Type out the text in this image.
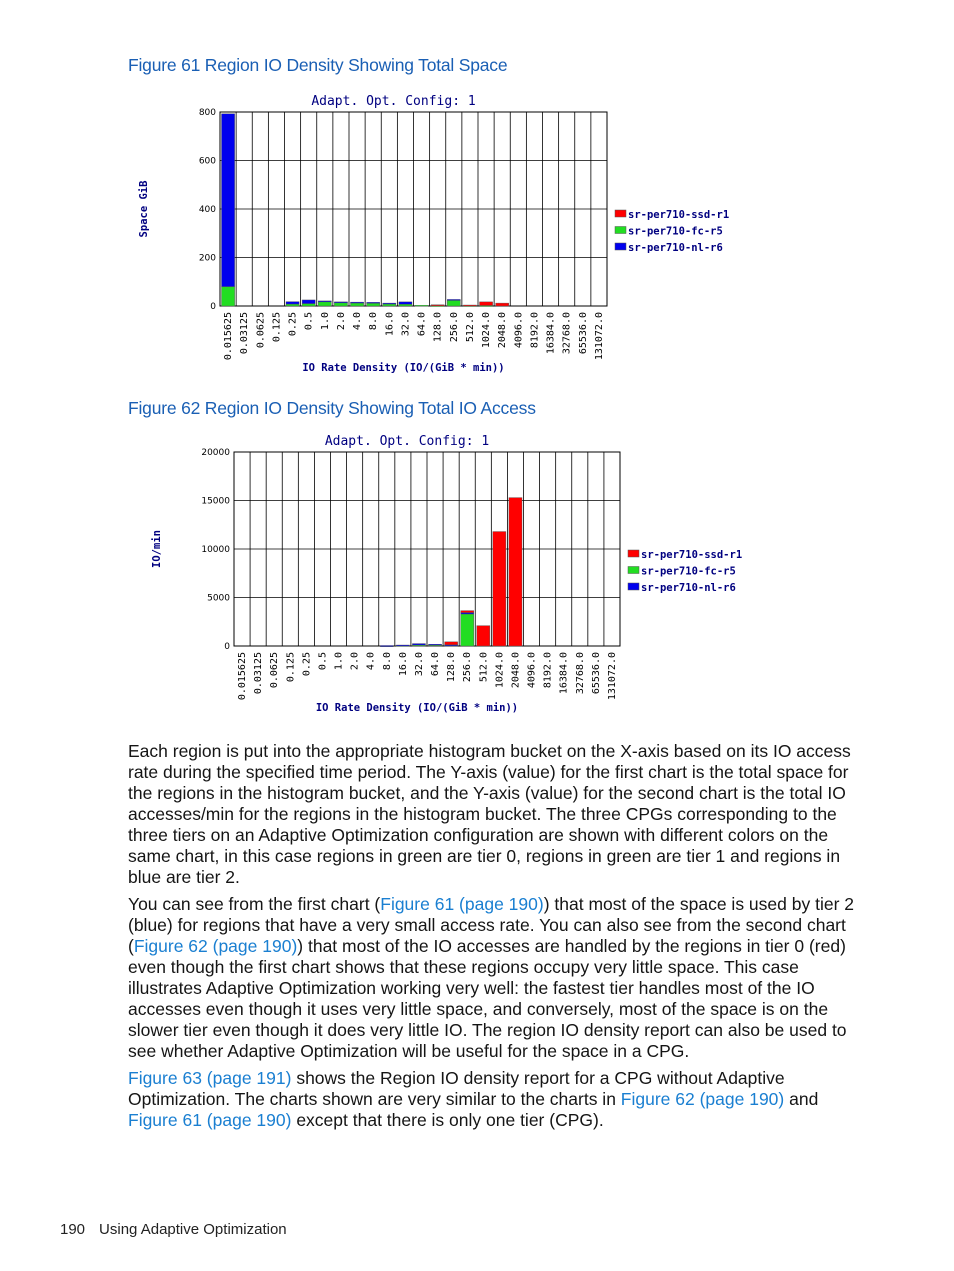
Figure 61 Region IO Density Showing Total Space
Adapt. Opt. Config: 1
0
200
400
600
800
0.015625 0.03125 0.0625 0.125 0.25 0.5 1.0 2.0 4.0 8.0 16.0 32.0 64.0 128.0 256.0 512.0 1024.0 2048.0 4096.0 8192.0 16384.0 32768.0 65536.0 131072.0
IO Rate Density (IO/(GiB * min))
Space GiB	sr-per710-ssd-r1
sr-per710-fc-r5
sr-per710-nl-r6
Figure 62 Region IO Density Showing Total IO Access
Adapt. Opt. Config: 1
0
5000
10000
15000
20000
0.015625 0.03125 0.0625 0.125 0.25 0.5 1.0 2.0 4.0 8.0 16.0 32.0 64.0 128.0 256.0 512.0 1024.0 2048.0 4096.0 8192.0 16384.0 32768.0 65536.0 131072.0
IO Rate Density (IO/(GiB * min))
IO/min	sr-per710-ssd-r1
sr-per710-fc-r5
sr-per710-nl-r6

Each region is put into the appropriate histogram bucket on the X-axis based on its IO access rate during the specified time period. The Y-axis (value) for the first chart is the total space for the regions in the histogram bucket, and the Y-axis (value) for the second chart is the total IO accesses/min for the regions in the histogram bucket. The three CPGs corresponding to the three tiers on an Adaptive Optimization configuration are shown with different colors on the same chart, in this case regions in green are tier 0, regions in green are tier 1 and regions in blue are tier 2.

You can see from the first chart (Figure 61 (page 190)) that most of the space is used by tier 2 (blue) for regions that have a very small access rate. You can also see from the second chart (Figure 62 (page 190)) that most of the IO accesses are handled by the regions in tier 0 (red) even though the first chart shows that these regions occupy very little space. This case illustrates Adaptive Optimization working very well: the fastest tier handles most of the IO accesses even though it uses very little space, and conversely, most of the space is on the slower tier even though it does very little IO. The region IO density report can also be used to see whether Adaptive Optimization will be useful for the space in a CPG.

Figure 63 (page 191) shows the Region IO density report for a CPG without Adaptive Optimization. The charts shown are very similar to the charts in Figure 62 (page 190) and Figure 61 (page 190) except that there is only one tier (CPG).

190 Using Adaptive Optimization
